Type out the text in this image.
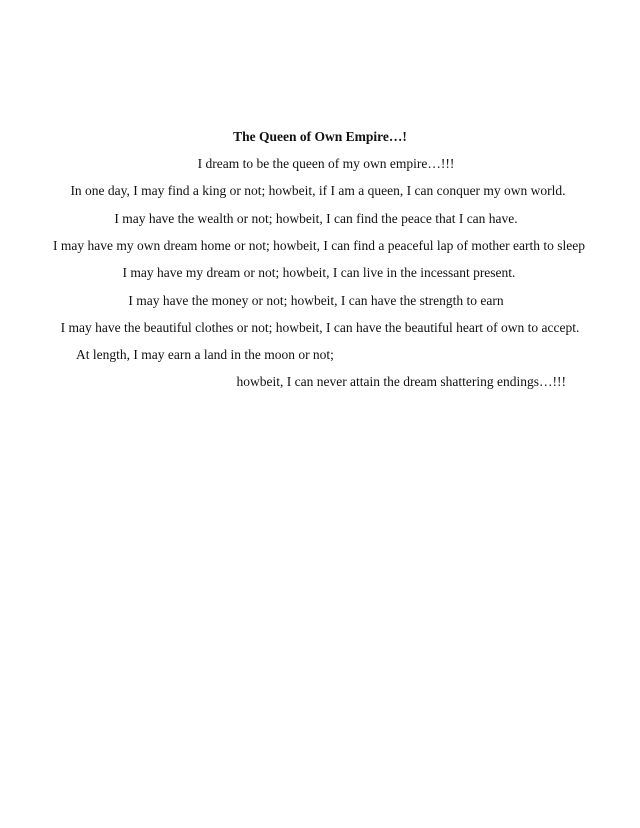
The Queen of Own Empire…!
I dream to be the queen of my own empire…!!!
In one day, I may find a king or not; howbeit, if I am a queen, I can conquer my own world.
I may have the wealth or not; howbeit, I can find the peace that I can have.
I may have my own dream home or not; howbeit, I can find a peaceful lap of mother earth to sleep
I may have my dream or not; howbeit, I can live in the incessant present.
I may have the money or not; howbeit, I can have the strength to earn
I may have the beautiful clothes or not; howbeit, I can have the beautiful heart of own to accept.
At length, I may earn a land in the moon or not;
howbeit, I can never attain the dream shattering endings…!!!
